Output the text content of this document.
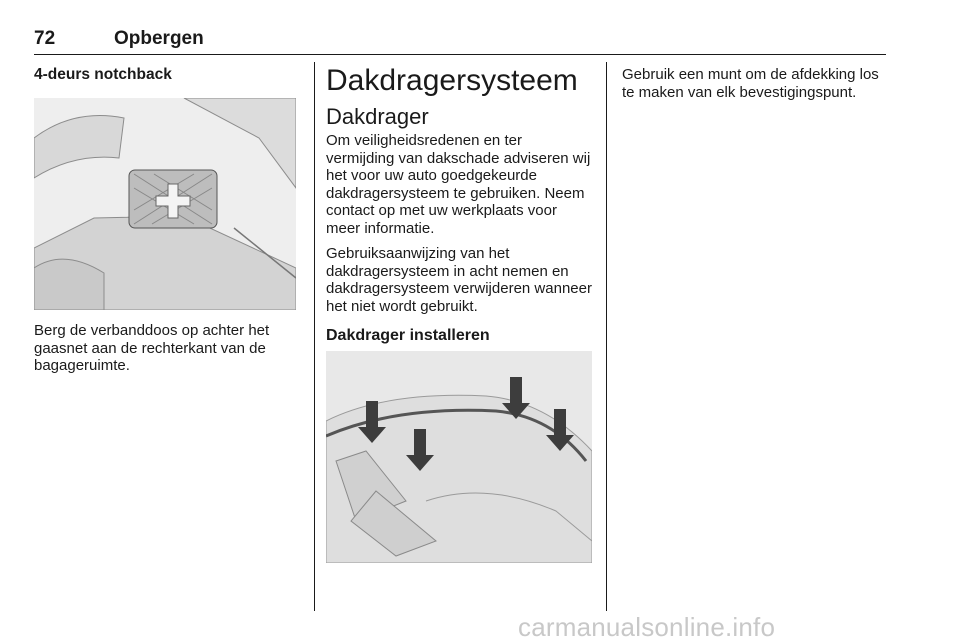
72	Opbergen
4-deurs notchback

Berg de verbanddoos op achter het gaasnet aan de rechterkant van de bagageruimte.

Dakdragersysteem
Dakdrager

Om veiligheidsredenen en ter vermijding van dakschade adviseren wij het voor uw auto goedgekeurde dakdragersysteem te gebruiken. Neem contact op met uw werkplaats voor meer informatie.

Gebruiksaanwijzing van het dakdragersysteem in acht nemen en dakdragersysteem verwijderen wanneer het niet wordt gebruikt.

Dakdrager installeren

Gebruik een munt om de afdekking los te maken van elk bevestigingspunt.

carmanualsonline.info
